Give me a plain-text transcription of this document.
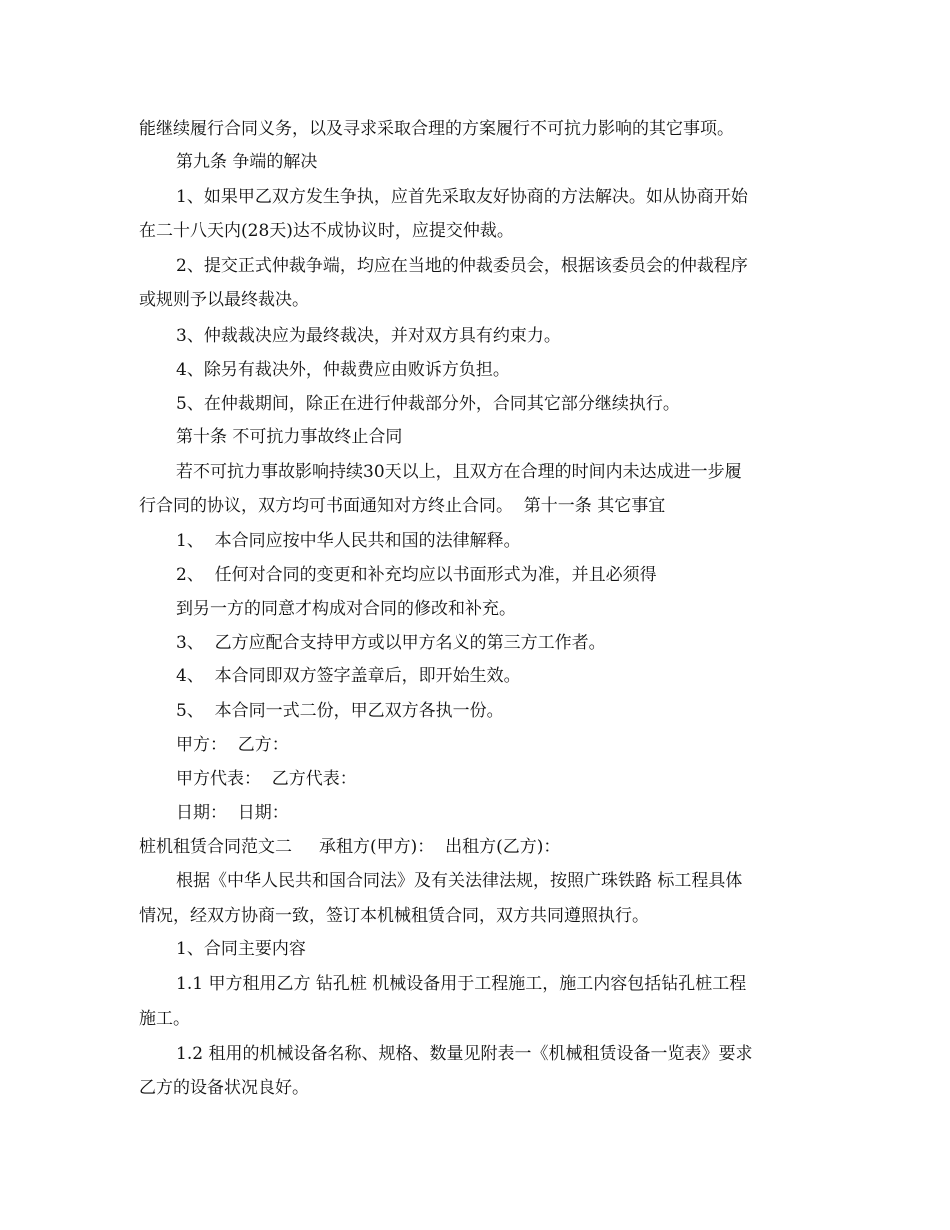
能继续履行合同义务，以及寻求采取合理的方案履行不可抗力影响的其它事项。
第九条 争端的解决
1、如果甲乙双方发生争执，应首先采取友好协商的方法解决。如从协商开始
在二十八天内(28天)达不成协议时，应提交仲裁。
2、提交正式仲裁争端，均应在当地的仲裁委员会，根据该委员会的仲裁程序
或规则予以最终裁决。
3、仲裁裁决应为最终裁决，并对双方具有约束力。
4、除另有裁决外，仲裁费应由败诉方负担。
5、在仲裁期间，除正在进行仲裁部分外，合同其它部分继续执行。
第十条 不可抗力事故终止合同
若不可抗力事故影响持续30天以上，且双方在合理的时间内未达成进一步履
行合同的协议，双方均可书面通知对方终止合同。  第十一条 其它事宜
1、  本合同应按中华人民共和国的法律解释。
2、  任何对合同的变更和补充均应以书面形式为准，并且必须得
到另一方的同意才构成对合同的修改和补充。
3、  乙方应配合支持甲方或以甲方名义的第三方工作者。
4、  本合同即双方签字盖章后，即开始生效。
5、  本合同一式二份，甲乙双方各执一份。
甲方：  乙方：
甲方代表：  乙方代表：
日期：  日期：
桩机租赁合同范文二     承租方(甲方)：  出租方(乙方)：
根据《中华人民共和国合同法》及有关法律法规，按照广珠铁路 标工程具体
情况，经双方协商一致，签订本机械租赁合同，双方共同遵照执行。
1、合同主要内容
1.1 甲方租用乙方 钻孔桩 机械设备用于工程施工，施工内容包括钻孔桩工程
施工。
1.2 租用的机械设备名称、规格、数量见附表一《机械租赁设备一览表》要求
乙方的设备状况良好。
